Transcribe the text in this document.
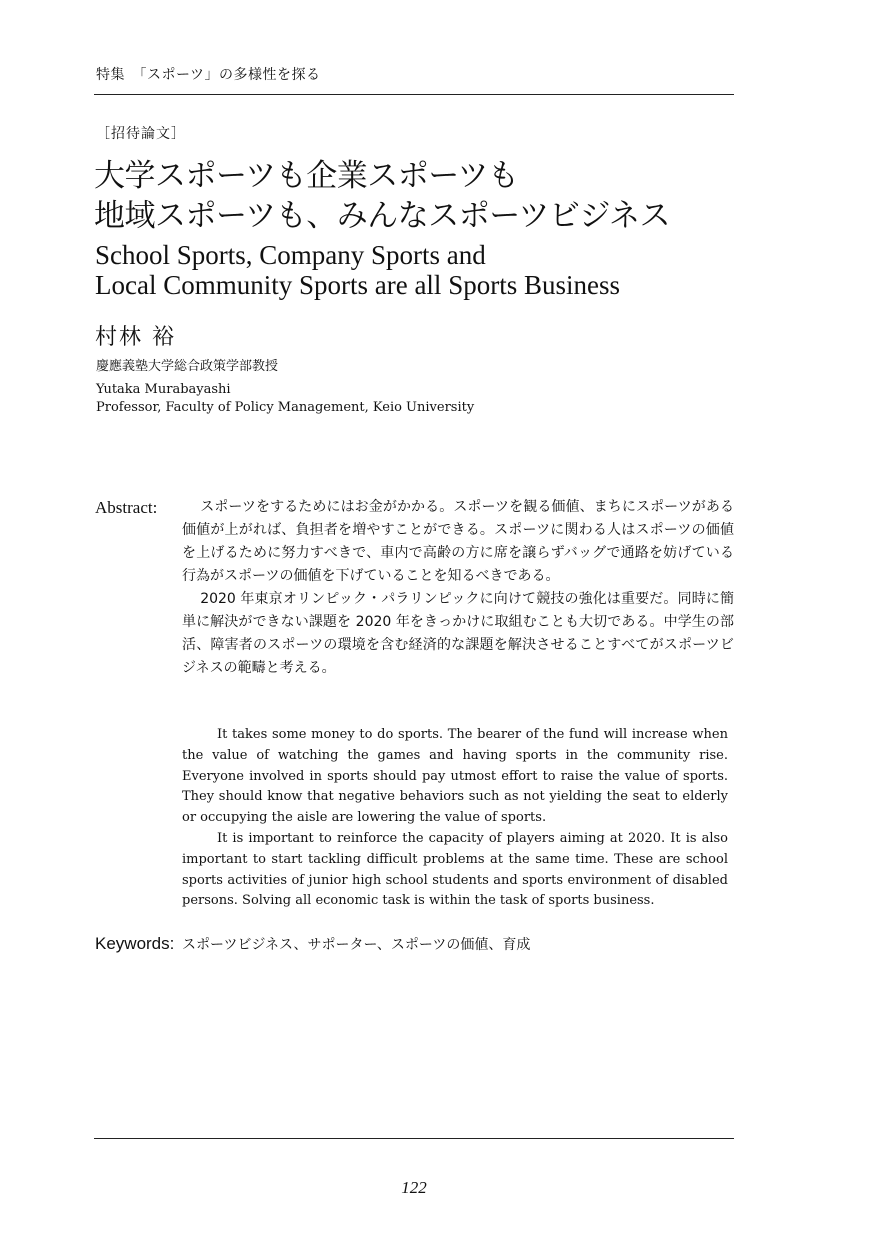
特集　「スポーツ」の多様性を探る
［招待論文］
大学スポーツも企業スポーツも
地域スポーツも、みんなスポーツビジネス
School Sports, Company Sports and
Local Community Sports are all Sports Business
村林 裕
慶應義塾大学総合政策学部教授
Yutaka Murabayashi
Professor, Faculty of Policy Management, Keio University
Abstract:	スポーツをするためにはお金がかかる。スポーツを観る価値、まちにスポーツがある価値が上がれば、負担者を増やすことができる。スポーツに関わる人はスポーツの価値を上げるために努力すべきで、車内で高齢の方に席を譲らずバッグで通路を妨げている行為がスポーツの価値を下げていることを知るべきである。

2020 年東京オリンピック・パラリンピックに向けて競技の強化は重要だ。同時に簡単に解決ができない課題を 2020 年をきっかけに取組むことも大切である。中学生の部活、障害者のスポーツの環境を含む経済的な課題を解決させることすべてがスポーツビジネスの範疇と考える。

It takes some money to do sports. The bearer of the fund will increase when the value of watching the games and having sports in the community rise. Everyone involved in sports should pay utmost effort to raise the value of sports. They should know that negative behaviors such as not yielding the seat to elderly or occupying the aisle are lowering the value of sports.

It is important to reinforce the capacity of players aiming at 2020. It is also important to start tackling difficult problems at the same time. These are school sports activities of junior high school students and sports environment of disabled persons. Solving all economic task is within the task of sports business.

Keywords: スポーツビジネス、サポーター、スポーツの価値、育成
122
